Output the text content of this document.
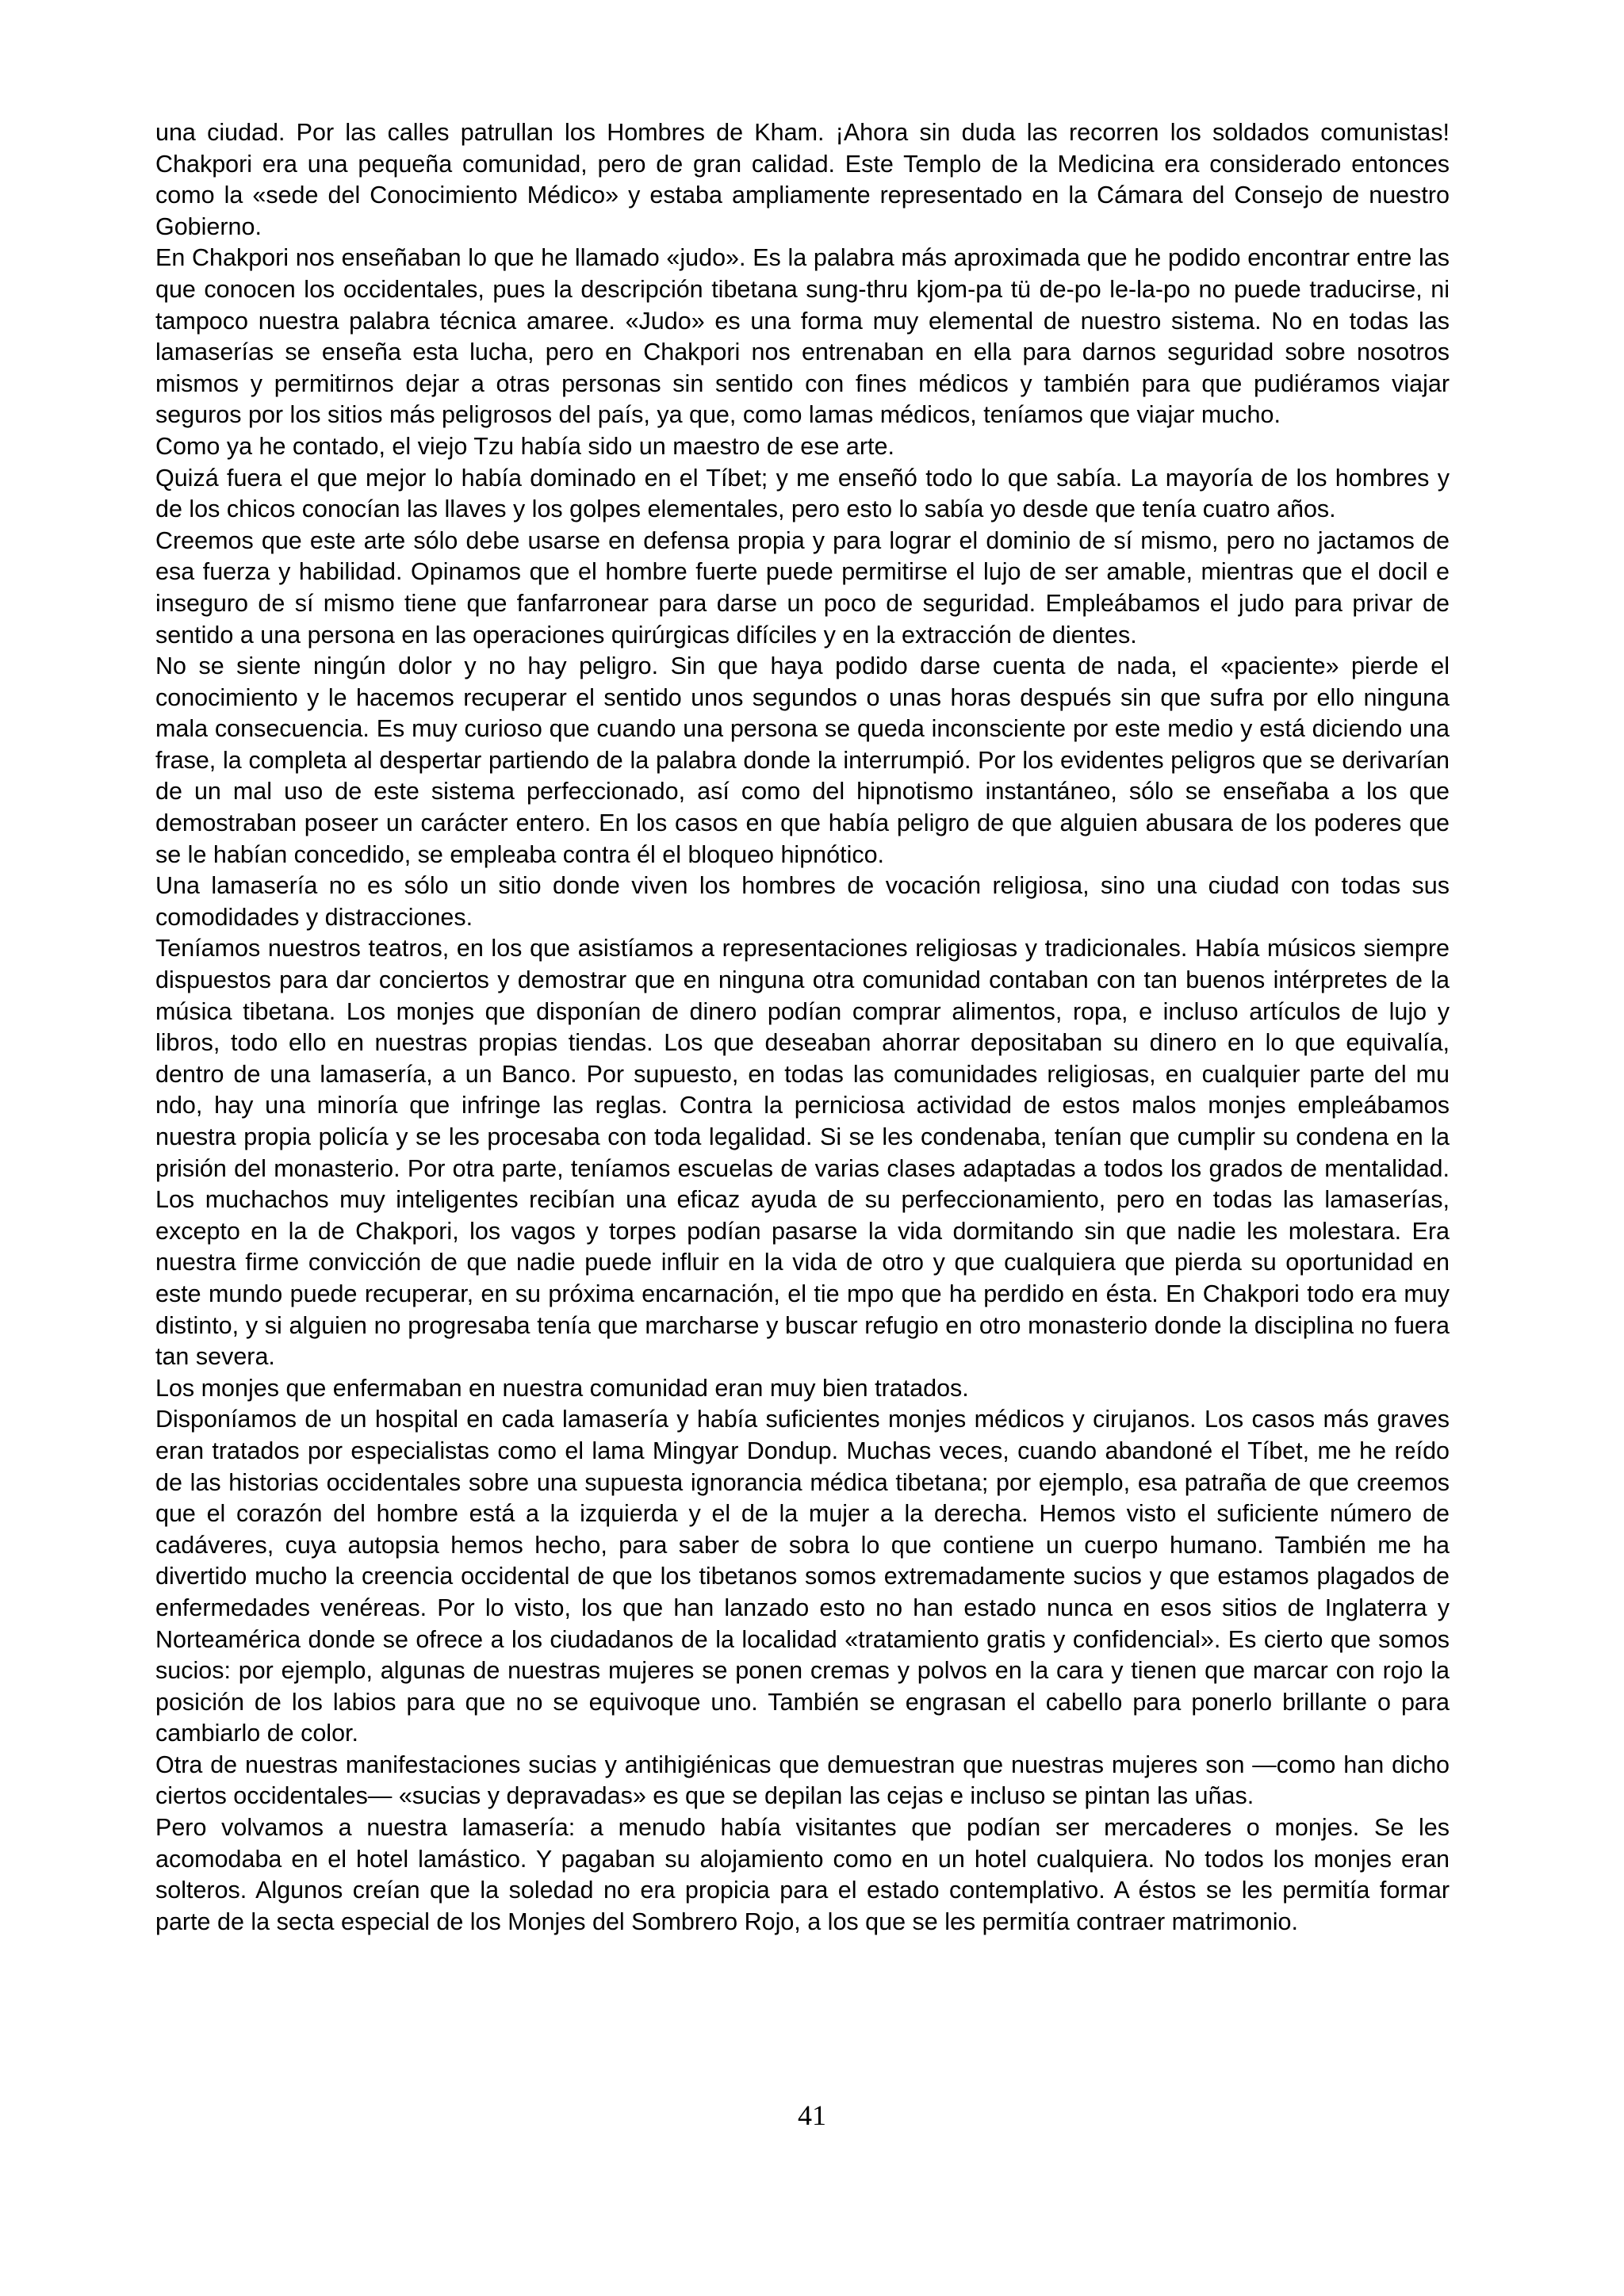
una ciudad. Por las calles patrullan los Hombres de Kham. ¡Ahora sin duda las recorren los soldados comunistas! Chakpori era una pequeña comunidad, pero de gran calidad. Este Templo de la Medicina era considerado entonces como la «sede del Conocimiento Médico» y estaba ampliamente representado en la Cámara del Consejo de nuestro Gobierno.

En Chakpori nos enseñaban lo que he llamado «judo». Es la palabra más aproximada que he podido encontrar entre las que conocen los occidentales, pues la descripción tibetana sung-thru kjom-pa tü de-po le-la-po no puede traducirse, ni tampoco nuestra palabra técnica amaree. «Judo» es una forma muy elemental de nuestro sistema. No en todas las lamaserías se enseña esta lucha, pero en Chakpori nos entrenaban en ella para darnos seguridad sobre nosotros mismos y permitirnos dejar a otras personas sin sentido con fines médicos y también para que pudiéramos viajar seguros por los sitios más peligrosos del país, ya que, como lamas médicos, teníamos que viajar mucho.

Como ya he contado, el viejo Tzu había sido un maestro de ese arte.

Quizá fuera el que mejor lo había dominado en el Tíbet; y me enseñó todo lo que sabía. La mayoría de los hombres y de los chicos conocían las llaves y los golpes elementales, pero esto lo sabía yo desde que tenía cuatro años.

Creemos que este arte sólo debe usarse en defensa propia y para lograr el dominio de sí mismo, pero no jactamos de esa fuerza y habilidad. Opinamos que el hombre fuerte puede permitirse el lujo de ser amable, mientras que el docil e inseguro de sí mismo tiene que fanfarronear para darse un poco de seguridad. Empleábamos el judo para privar de sentido a una persona en las operaciones quirúrgicas difíciles y en la extracción de dientes.

No se siente ningún dolor y no hay peligro. Sin que haya podido darse cuenta de nada, el «paciente» pierde el conocimiento y le hacemos recuperar el sentido unos segundos o unas horas después sin que sufra por ello ninguna mala consecuencia. Es muy curioso que cuando una persona se queda inconsciente por este medio y está diciendo una frase, la completa al despertar partiendo de la palabra donde la interrumpió. Por los evidentes peligros que se derivarían de un mal uso de este sistema perfeccionado, así como del hipnotismo instantáneo, sólo se enseñaba a los que demostraban poseer un carácter entero. En los casos en que había peligro de que alguien abusara de los poderes que se le habían concedido, se empleaba contra él el bloqueo hipnótico.

Una lamasería no es sólo un sitio donde viven los hombres de vocación religiosa, sino una ciudad con todas sus comodidades y distracciones.

Teníamos nuestros teatros, en los que asistíamos a representaciones religiosas y tradicionales. Había músicos siempre dispuestos para dar conciertos y demostrar que en ninguna otra comunidad contaban con tan buenos intérpretes de la música tibetana. Los monjes que disponían de dinero podían comprar alimentos, ropa, e incluso artículos de lujo y libros, todo ello en nuestras propias tiendas. Los que deseaban ahorrar depositaban su dinero en lo que equivalía, dentro de una lamasería, a un Banco. Por supuesto, en todas las comunidades religiosas, en cualquier parte del mu ndo, hay una minoría que infringe las reglas. Contra la perniciosa actividad de estos malos monjes empleábamos nuestra propia policía y se les procesaba con toda legalidad. Si se les condenaba, tenían que cumplir su condena en la prisión del monasterio. Por otra parte, teníamos escuelas de varias clases adaptadas a todos los grados de mentalidad. Los muchachos muy inteligentes recibían una eficaz ayuda de su perfeccionamiento, pero en todas las lamaserías, excepto en la de Chakpori, los vagos y torpes podían pasarse la vida dormitando sin que nadie les molestara. Era nuestra firme convicción de que nadie puede influir en la vida de otro y que cualquiera que pierda su oportunidad en este mundo puede recuperar, en su próxima encarnación, el tie mpo que ha perdido en ésta. En Chakpori todo era muy distinto, y si alguien no progresaba tenía que marcharse y buscar refugio en otro monasterio donde la disciplina no fuera tan severa.

Los monjes que enfermaban en nuestra comunidad eran muy bien tratados.

Disponíamos de un hospital en cada lamasería y había suficientes monjes médicos y cirujanos. Los casos más graves eran tratados por especialistas como el lama Mingyar Dondup. Muchas veces, cuando abandoné el Tíbet, me he reído de las historias occidentales sobre una supuesta ignorancia médica tibetana; por ejemplo, esa patraña de que creemos que el corazón del hombre está a la izquierda y el de la mujer a la derecha. Hemos visto el suficiente número de cadáveres, cuya autopsia hemos hecho, para saber de sobra lo que contiene un cuerpo humano. También me ha divertido mucho la creencia occidental de que los tibetanos somos extremadamente sucios y que estamos plagados de enfermedades venéreas. Por lo visto, los que han lanzado esto no han estado nunca en esos sitios de Inglaterra y Norteamérica donde se ofrece a los ciudadanos de la localidad «tratamiento gratis y confidencial». Es cierto que somos sucios: por ejemplo, algunas de nuestras mujeres se ponen cremas y polvos en la cara y tienen que marcar con rojo la posición de los labios para que no se equivoque uno. También se engrasan el cabello para ponerlo brillante o para cambiarlo de color.

Otra de nuestras manifestaciones sucias y antihigiénicas que demuestran que nuestras mujeres son —como han dicho ciertos occidentales— «sucias y depravadas» es que se depilan las cejas e incluso se pintan las uñas.

Pero volvamos a nuestra lamasería: a menudo había visitantes que podían ser mercaderes o monjes. Se les acomodaba en el hotel lamástico. Y pagaban su alojamiento como en un hotel cualquiera. No todos los monjes eran solteros. Algunos creían que la soledad no era propicia para el estado contemplativo. A éstos se les permitía formar parte de la secta especial de los Monjes del Sombrero Rojo, a los que se les permitía contraer matrimonio.

41
